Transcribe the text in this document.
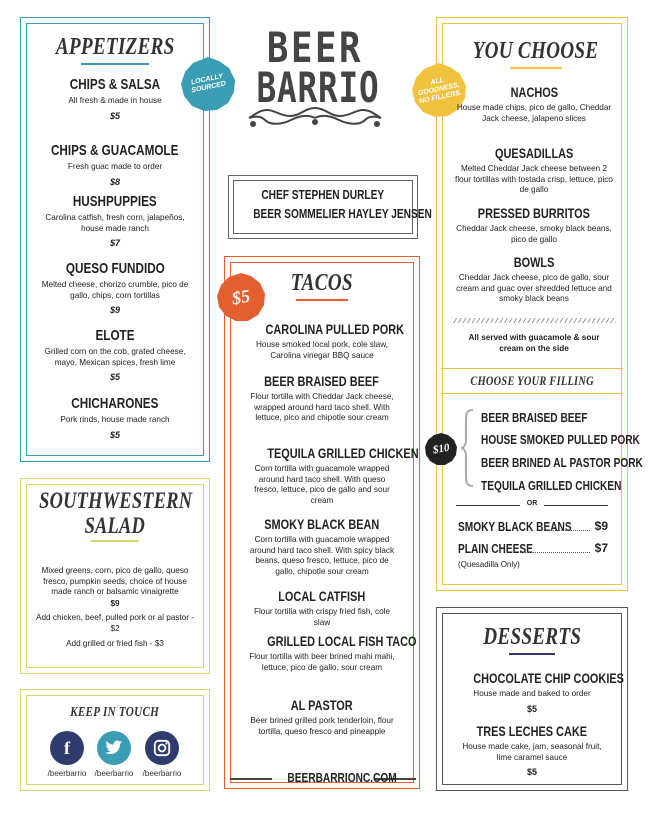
APPETIZERS
CHIPS & SALSA
All fresh & made in house
$5
CHIPS & GUACAMOLE
Fresh guac made to order
$8
HUSHPUPPIES
Carolina catfish, fresh corn, jalapeños, house made ranch
$7
QUESO FUNDIDO
Melted cheese, chorizo crumble, pico de gallo, chips, corn tortillas
$9
ELOTE
Grilled corn on the cob, grated cheese, mayo, Mexican spices, fresh lime
$5
CHICHARONES
Pork rinds, house made ranch
$5
LOCALLY SOURCED
BEER
BARRIO
CHEF STEPHEN DURLEY
BEER SOMMELIER HAYLEY JENSEN
TACOS
$5
CAROLINA PULLED PORK
House smoked local pork, cole slaw, Carolina vinegar BBQ sauce
BEER BRAISED BEEF
Flour tortilla with Cheddar Jack cheese, wrapped around hard taco shell. With lettuce, pico and chipotle sour cream
TEQUILA GRILLED CHICKEN
Corn tortilla with guacamole wrapped around hard taco shell. With queso fresco, lettuce, pico de gallo and sour cream
SMOKY BLACK BEAN
Corn tortilla with guacamole wrapped around hard taco shell. With spicy black beans, queso fresco, lettuce, pico de gallo, chipotle sour cream
LOCAL CATFISH
Flour tortilla with crispy fried fish, cole slaw
GRILLED LOCAL FISH TACO
Flour tortilla with beer brined mahi mahi, lettuce, pico de gallo, sour cream
AL PASTOR
Beer brined grilled pork tenderloin, flour tortilla, queso fresco and pineapple
BEERBARRIONC.COM
SOUTHWESTERN
SALAD
Mixed greens, corn, pico de gallo, queso fresco, pumpkin seeds, choice of house made ranch or balsamic vinaigrette
$9
Add chicken, beef, pulled pork or al pastor - $2
Add grilled or fried fish - $3
KEEP IN TOUCH
f
/beerbarrio	/beerbarrio	/beerbarrio
YOU CHOOSE
ALL GOODNESS, NO FILLERS.	NACHOS
House made chips, pico de gallo, Cheddar Jack cheese, jalapeno slices
QUESADILLAS
Melted Cheddar Jack cheese between 2 flour tortillas with tostada crisp, lettuce, pico de gallo
PRESSED BURRITOS
Cheddar Jack cheese, smoky black beans, pico de gallo
BOWLS
Cheddar Jack cheese, pico de gallo, sour cream and guac over shredded lettuce and smoky black beans
All served with guacamole & sour cream on the side
CHOOSE YOUR FILLING
$10
BEER BRAISED BEEF
HOUSE SMOKED PULLED PORK
BEER BRINED AL PASTOR PORK
TEQUILA GRILLED CHICKEN
OR
SMOKY BLACK BEANS	$9
PLAIN CHEESE	$7
(Quesadilla Only)
DESSERTS
CHOCOLATE CHIP COOKIES
House made and baked to order
$5
TRES LECHES CAKE
House made cake, jam, seasonal fruit, lime caramel sauce
$5
